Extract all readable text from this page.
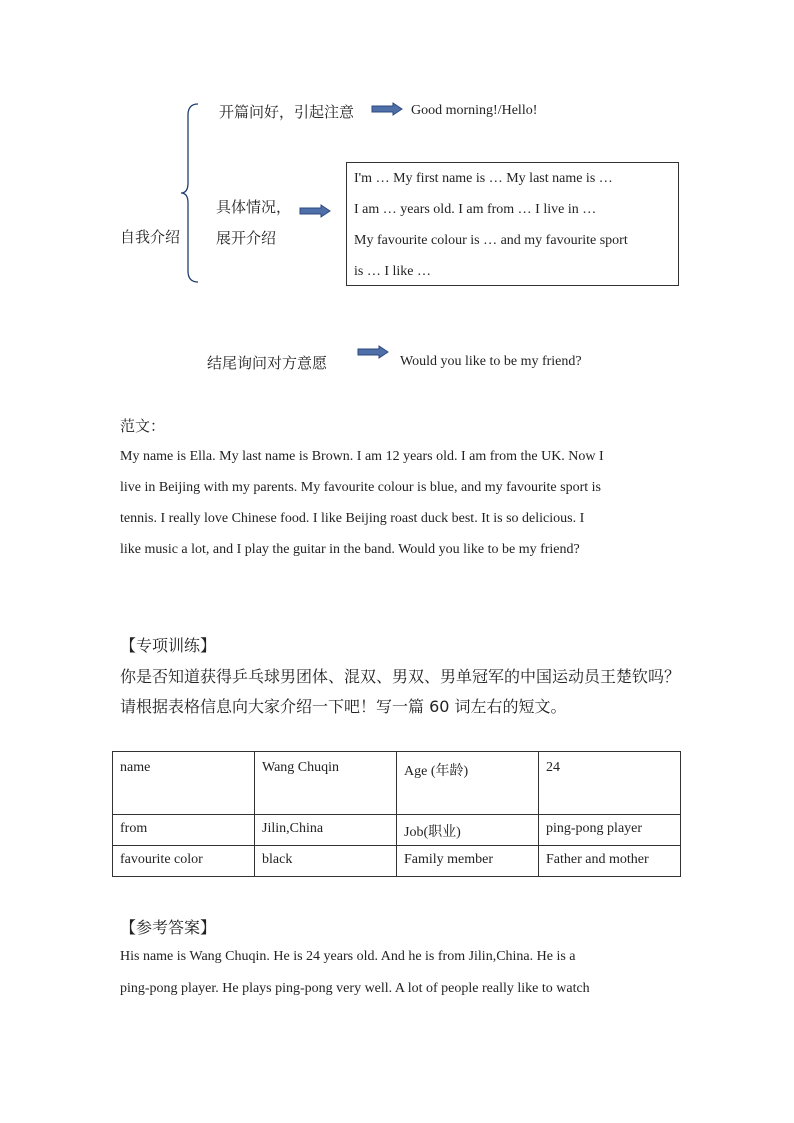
自我介绍
开篇问好，引起注意	Good morning!/Hello!
具体情况，
展开介绍
I'm … My first name is … My last name is …
I am … years old. I am from … I live in …
My favourite colour is … and my favourite sport
is … I like …
结尾询问对方意愿	Would you like to be my friend?
范文：
My name is Ella. My last name is Brown. I am 12 years old. I am from the UK. Now I
live in Beijing with my parents. My favourite colour is blue, and my favourite sport is
tennis. I really love Chinese food. I like Beijing roast duck best. It is so delicious. I
like music a lot, and I play the guitar in the band. Would you like to be my friend?
【专项训练】
你是否知道获得乒乓球男团体、混双、男双、男单冠军的中国运动员王楚钦吗？
请根据表格信息向大家介绍一下吧！写一篇 60 词左右的短文。
name	Wang Chuqin	Age (年龄)	24
from	Jilin,China	Job(职业)	ping-pong player
favourite color	black	Family member	Father and mother
【参考答案】
His name is Wang Chuqin. He is 24 years old. And he is from Jilin,China. He is a
ping-pong player. He plays ping-pong very well. A lot of people really like to watch
